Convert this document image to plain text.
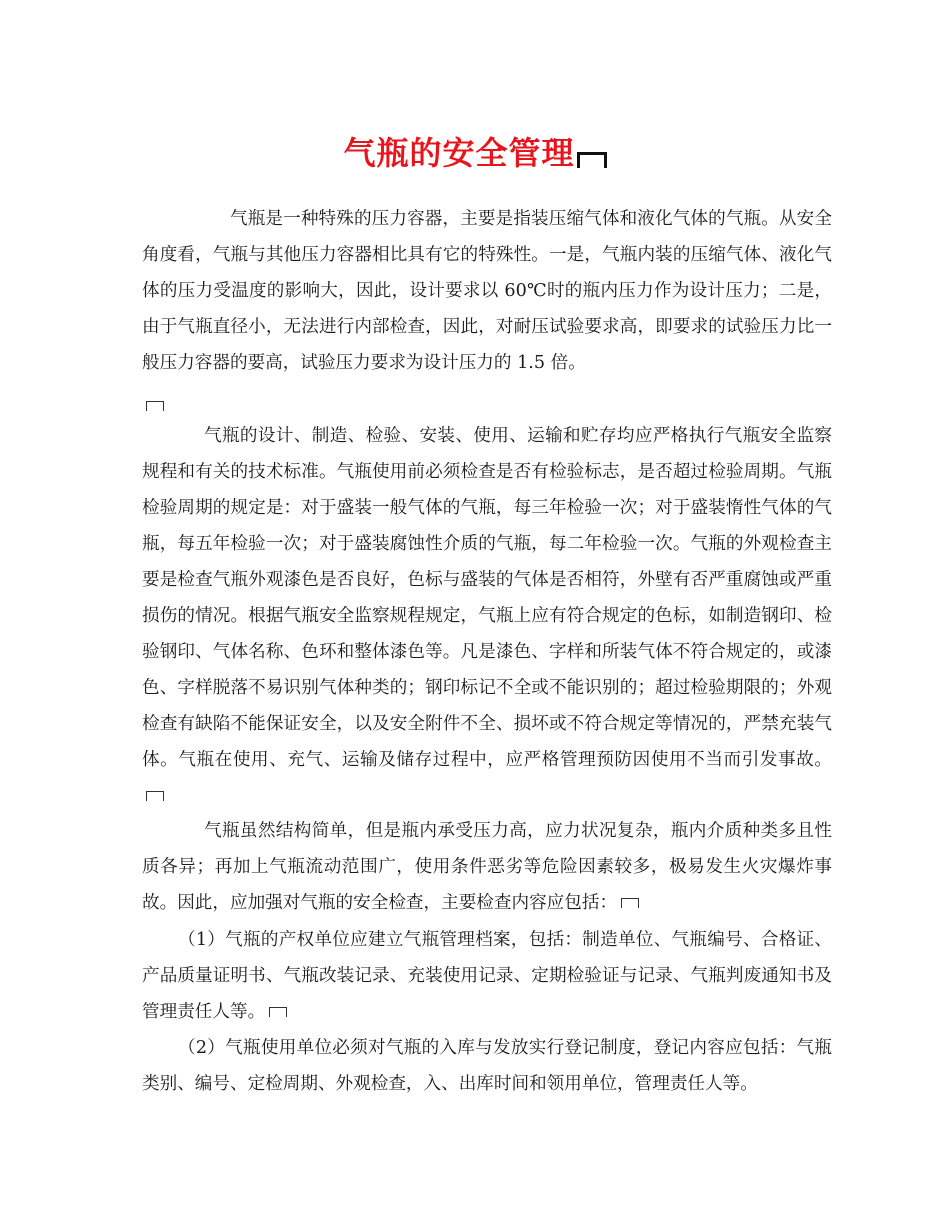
气瓶的安全管理

气瓶是一种特殊的压力容器，主要是指装压缩气体和液化气体的气瓶。从安全角度看，气瓶与其他压力容器相比具有它的特殊性。一是，气瓶内装的压缩气体、液化气体的压力受温度的影响大，因此，设计要求以 60℃时的瓶内压力作为设计压力；二是，由于气瓶直径小，无法进行内部检查，因此，对耐压试验要求高，即要求的试验压力比一般压力容器的要高，试验压力要求为设计压力的 1.5 倍。

气瓶的设计、制造、检验、安装、使用、运输和贮存均应严格执行气瓶安全监察规程和有关的技术标准。气瓶使用前必须检查是否有检验标志，是否超过检验周期。气瓶检验周期的规定是：对于盛装一般气体的气瓶，每三年检验一次；对于盛装惰性气体的气瓶，每五年检验一次；对于盛装腐蚀性介质的气瓶，每二年检验一次。气瓶的外观检查主要是检查气瓶外观漆色是否良好，色标与盛装的气体是否相符，外壁有否严重腐蚀或严重损伤的情况。根据气瓶安全监察规程规定，气瓶上应有符合规定的色标，如制造钢印、检验钢印、气体名称、色环和整体漆色等。凡是漆色、字样和所装气体不符合规定的，或漆色、字样脱落不易识别气体种类的；钢印标记不全或不能识别的；超过检验期限的；外观检查有缺陷不能保证安全，以及安全附件不全、损坏或不符合规定等情况的，严禁充装气体。气瓶在使用、充气、运输及储存过程中，应严格管理预防因使用不当而引发事故。

气瓶虽然结构简单，但是瓶内承受压力高，应力状况复杂，瓶内介质种类多且性质各异；再加上气瓶流动范围广，使用条件恶劣等危险因素较多，极易发生火灾爆炸事故。因此，应加强对气瓶的安全检查，主要检查内容应包括：

（1）气瓶的产权单位应建立气瓶管理档案，包括：制造单位、气瓶编号、合格证、产品质量证明书、气瓶改装记录、充装使用记录、定期检验证与记录、气瓶判废通知书及管理责任人等。

（2）气瓶使用单位必须对气瓶的入库与发放实行登记制度，登记内容应包括：气瓶类别、编号、定检周期、外观检查，入、出库时间和领用单位，管理责任人等。
